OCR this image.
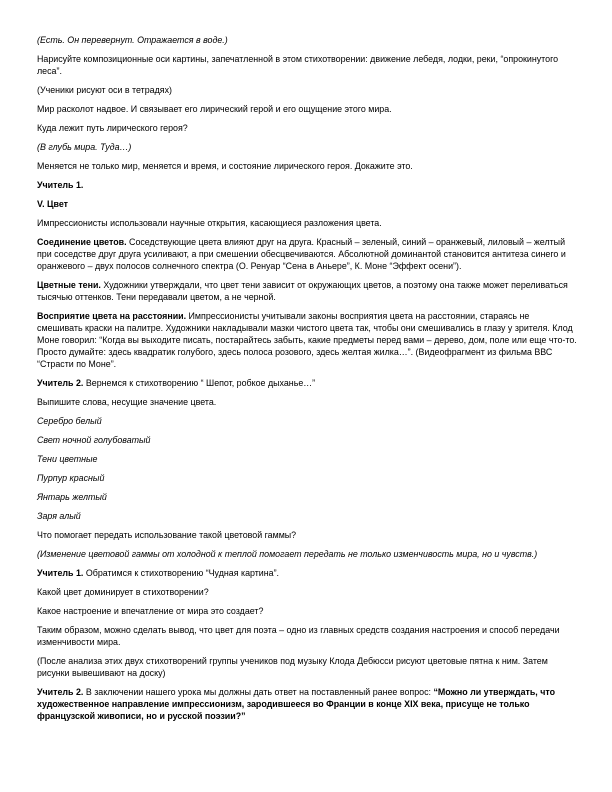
(Есть. Он перевернут. Отражается в воде.)

Нарисуйте композиционные оси картины, запечатленной в этом стихотворении: движение лебедя, лодки, реки, “опрокинутого леса”.

(Ученики рисуют оси в тетрадях)

Мир расколот надвое. И связывает его лирический герой и его ощущение этого мира.

Куда лежит путь лирического героя?

(В глубь мира. Туда…)

Меняется не только мир, меняется и время, и состояние лирического героя. Докажите это.

Учитель 1.

V. Цвет

Импрессионисты использовали научные открытия, касающиеся разложения цвета.

Соединение цветов. Соседствующие цвета влияют друг на друга. Красный – зеленый, синий – оранжевый, лиловый – желтый при соседстве друг друга усиливают, а при смешении обесцвечиваются. Абсолютной доминантой становится антитеза синего и оранжевого – двух полосов солнечного спектра (О. Ренуар “Сена в Аньере”, К. Моне “Эффект осени”).

Цветные тени. Художники утверждали, что цвет тени зависит от окружающих цветов, а поэтому она также может переливаться тысячью оттенков. Тени передавали цветом, а не черной.

Восприятие цвета на расстоянии. Импрессионисты учитывали законы восприятия цвета на расстоянии, стараясь не смешивать краски на палитре. Художники накладывали мазки чистого цвета так, чтобы они смешивались в глазу у зрителя. Клод Моне говорил: “Когда вы выходите писать, постарайтесь забыть, какие предметы перед вами – дерево, дом, поле или еще что-то. Просто думайте: здесь квадратик голубого, здесь полоса розового, здесь желтая жилка…”. (Видеофрагмент из фильма ВВС “Страсти по Моне”.

Учитель 2. Вернемся к стихотворению “ Шепот, робкое дыханье…”

Выпишите слова, несущие значение цвета.

Серебро белый

Свет ночной голубоватый

Тени цветные

Пурпур красный

Янтарь желтый

Заря алый

Что помогает передать использование такой цветовой гаммы?

(Изменение цветовой гаммы от холодной к теплой помогает передать не только изменчивость мира, но и чувств.)

Учитель 1. Обратимся к стихотворению “Чудная картина”.

Какой цвет доминирует в стихотворении?

Какое настроение и впечатление от мира это создает?

Таким образом, можно сделать вывод, что цвет для поэта – одно из главных средств создания настроения и способ передачи изменчивости мира.

(После анализа этих двух стихотворений группы учеников под музыку Клода Дебюсси рисуют цветовые пятна к ним. Затем рисунки вывешивают на доску)

Учитель 2. В заключении нашего урока мы должны дать ответ на поставленный ранее вопрос: “Можно ли утверждать, что художественное направление импрессионизм, зародившееся во Франции в конце XIX века, присуще не только французской живописи, но и русской поэзии?”
